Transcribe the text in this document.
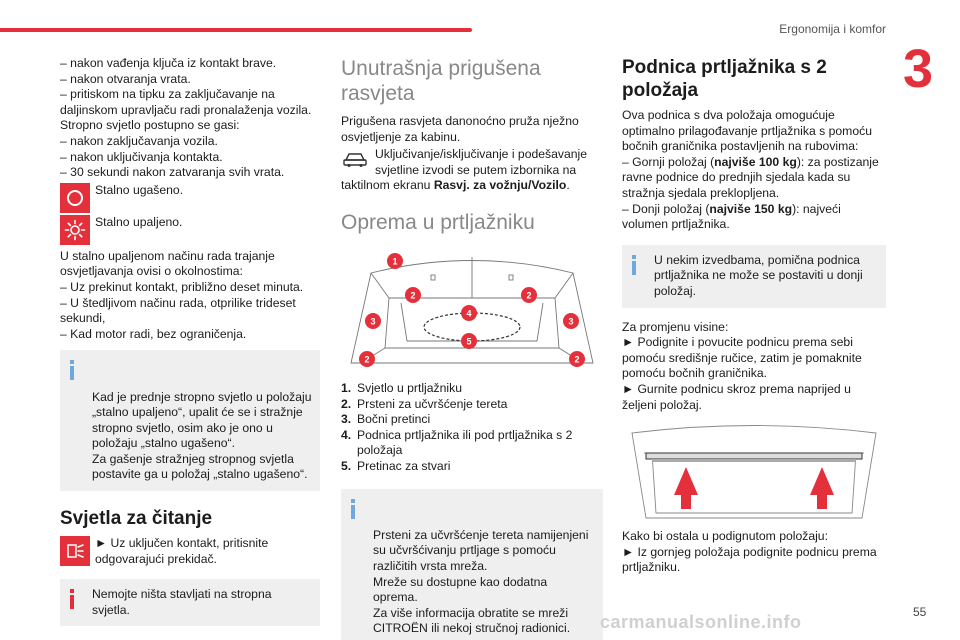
Ergonomija i komfor
3

– nakon vađenja ključa iz kontakt brave.

– nakon otvaranja vrata.

– pritiskom na tipku za zaključavanje na daljinskom upravljaču radi pronalaženja vozila.

Stropno svjetlo postupno se gasi:

– nakon zaključavanja vozila.

– nakon uključivanja kontakta.

– 30 sekundi nakon zatvaranja svih vrata.

Stalno ugašeno.
Stalno upaljeno.

U stalno upaljenom načinu rada trajanje osvjetljavanja ovisi o okolnostima:

– Uz prekinut kontakt, približno deset minuta.

– U štedljivom načinu rada, otprilike trideset sekundi,

– Kad motor radi, bez ograničenja.

Kad je prednje stropno svjetlo u položaju „stalno upaljeno“, upalit će se i stražnje stropno svjetlo, osim ako je ono u položaju „stalno ugašeno“.
Za gašenje stražnjeg stropnog svjetla postavite ga u položaj „stalno ugašeno“.

Svjetla za čitanje
► Uz uključen kontakt, pritisnite odgovarajući prekidač.
Nemojte ništa stavljati na stropna svjetla.
Unutrašnja prigušena rasvjeta

Prigušena rasvjeta danonoćno pruža nježno osvjetljenje za kabinu.

Uključivanje/isključivanje i podešavanje svjetline izvodi se putem izbornika na taktilnom ekranu Rasvj. za vožnju/Vozilo.
Oprema u prtljažniku
1
2	2
3
4
3
5
2	2
1. Svjetlo u prtljažniku
2. Prsteni za učvršćenje tereta
3. Bočni pretinci
4. Podnica prtljažnika ili pod prtljažnika s 2 položaja
5. Pretinac za stvari

Prsteni za učvršćenje tereta namijenjeni su učvršćivanju prtljage s pomoću različitih vrsta mreža.
Mreže su dostupne kao dodatna oprema.
Za više informacija obratite se mreži CITROËN ili nekoj stručnoj radionici.

Podnica prtljažnika s 2 položaja

Ova podnica s dva položaja omogućuje optimalno prilagođavanje prtljažnika s pomoću bočnih graničnika postavljenih na rubovima:

– Gornji položaj (najviše 100 kg): za postizanje ravne podnice do prednjih sjedala kada su stražnja sjedala preklopljena.

– Donji položaj (najviše 150 kg): najveći volumen prtljažnika.

U nekim izvedbama, pomična podnica prtljažnika ne može se postaviti u donji položaj.

Za promjenu visine:

► Podignite i povucite podnicu prema sebi pomoću središnje ručice, zatim je pomaknite pomoću bočnih graničnika.

► Gurnite podnicu skroz prema naprijed u željeni položaj.

Kako bi ostala u podignutom položaju:

► Iz gornjeg položaja podignite podnicu prema prtljažniku.

55
carmanualsonline.info
